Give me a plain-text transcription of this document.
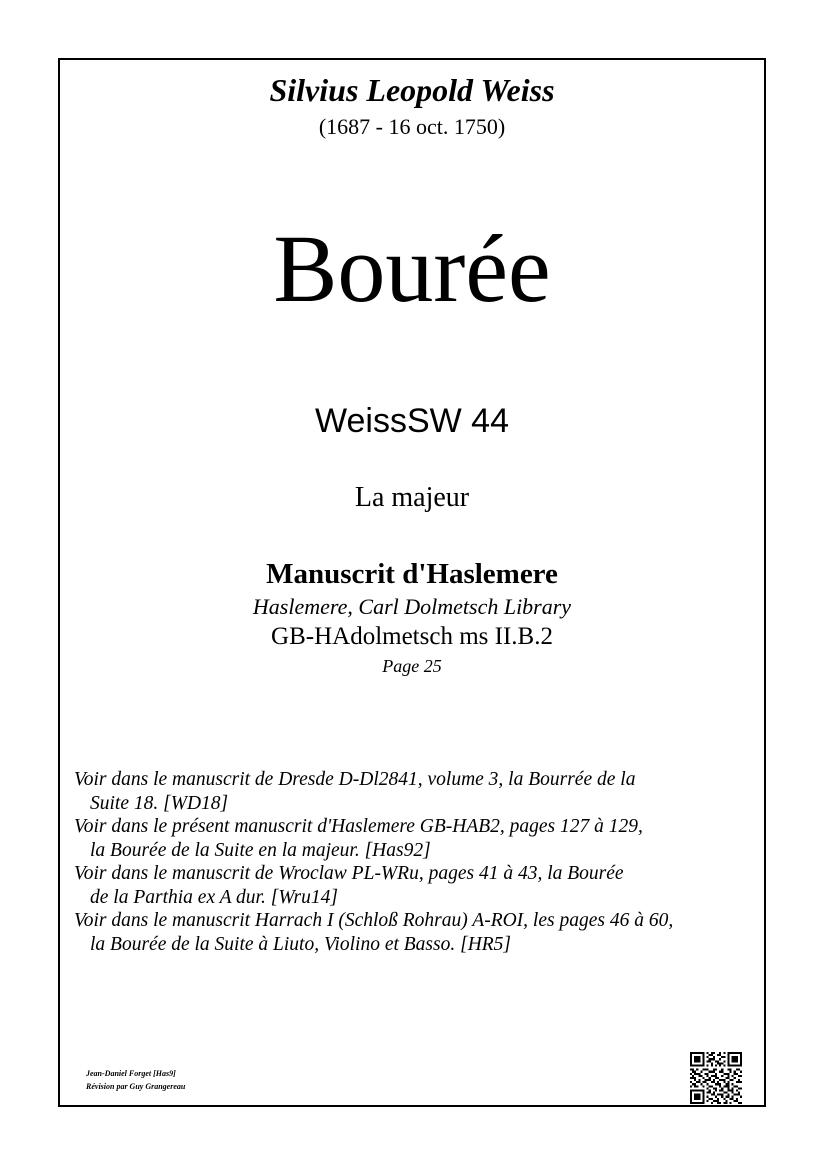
Silvius Leopold Weiss
(1687 - 16 oct. 1750)
Bourée
WeissSW 44
La majeur
Manuscrit d'Haslemere
Haslemere, Carl Dolmetsch Library
GB-HAdolmetsch ms II.B.2
Page 25

Voir dans le manuscrit de Dresde D-Dl2841, volume 3, la Bourrée de la
Suite 18. [WD18]

Voir dans le présent manuscrit d'Haslemere GB-HAB2, pages 127 à 129,
la Bourée de la Suite en la majeur. [Has92]

Voir dans le manuscrit de Wroclaw PL-WRu, pages 41 à 43, la Bourée
de la Parthia ex A dur. [Wru14]

Voir dans le manuscrit Harrach I (Schloß Rohrau) A-ROI, les pages 46 à 60,
la Bourée de la Suite à Liuto, Violino et Basso. [HR5]

Jean-Daniel Forget [Has9]
Révision par Guy Grangereau
